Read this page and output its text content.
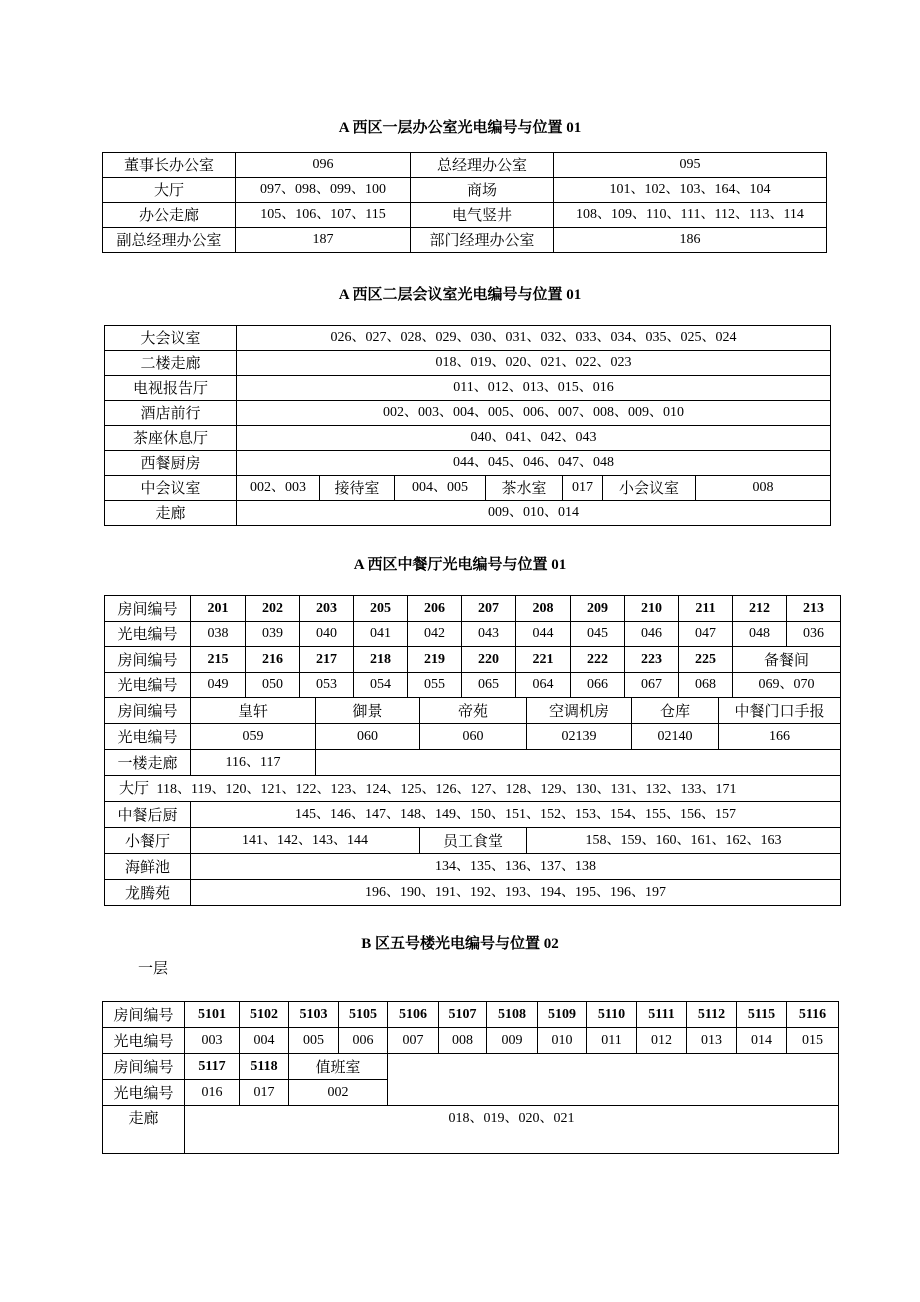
A 西区一层办公室光电编号与位置 01
董事长办公室	096	总经理办公室	095
大厅	097、098、099、100	商场	101、102、103、164、104
办公走廊	105、106、107、115	电气竖井	108、109、110、111、112、113、114
副总经理办公室	187	部门经理办公室	186
A 西区二层会议室光电编号与位置 01
大会议室	026、027、028、029、030、031、032、033、034、035、025、024						
二楼走廊	018、019、020、021、022、023						
电视报告厅	011、012、013、015、016						
酒店前行	002、003、004、005、006、007、008、009、010						
茶座休息厅	040、041、042、043						
西餐厨房	044、045、046、047、048						
中会议室	002、003	接待室	004、005	茶水室	017	小会议室	008
走廊	009、010、014						
A 西区中餐厅光电编号与位置 01
房间编号	201	202	203	205	206	207	208	209	210	211	212	213
光电编号	038	039	040	041	042	043	044	045	046	047	048	036
房间编号	215	216	217	218	219	220	221	222	223	225	备餐间	
光电编号	049	050	053	054	055	065	064	066	067	068	069、070	
房间编号	皇轩	御景	帝苑	空调机房	仓库	中餐门口手报
光电编号	059	060	060	02139	02140	166
一楼走廊	116、117					
大厅 118、119、120、121、122、123、124、125、126、127、128、129、130、131、132、133、171						
中餐后厨	145、146、147、148、149、150、151、152、153、154、155、156、157					
小餐厅	141、142、143、144		员工食堂	158、159、160、161、162、163		
海鲜池	134、135、136、137、138					
龙腾苑	196、190、191、192、193、194、195、196、197					
B 区五号楼光电编号与位置 02
一层
房间编号	5101	5102	5103	5105	5106	5107	5108	5109	5110	5111	5112	5115	5116
光电编号	003	004	005	006	007	008	009	010	011	012	013	014	015
房间编号	5117	5118	值班室										
光电编号	016	017	002										
走廊	018、019、020、021												
